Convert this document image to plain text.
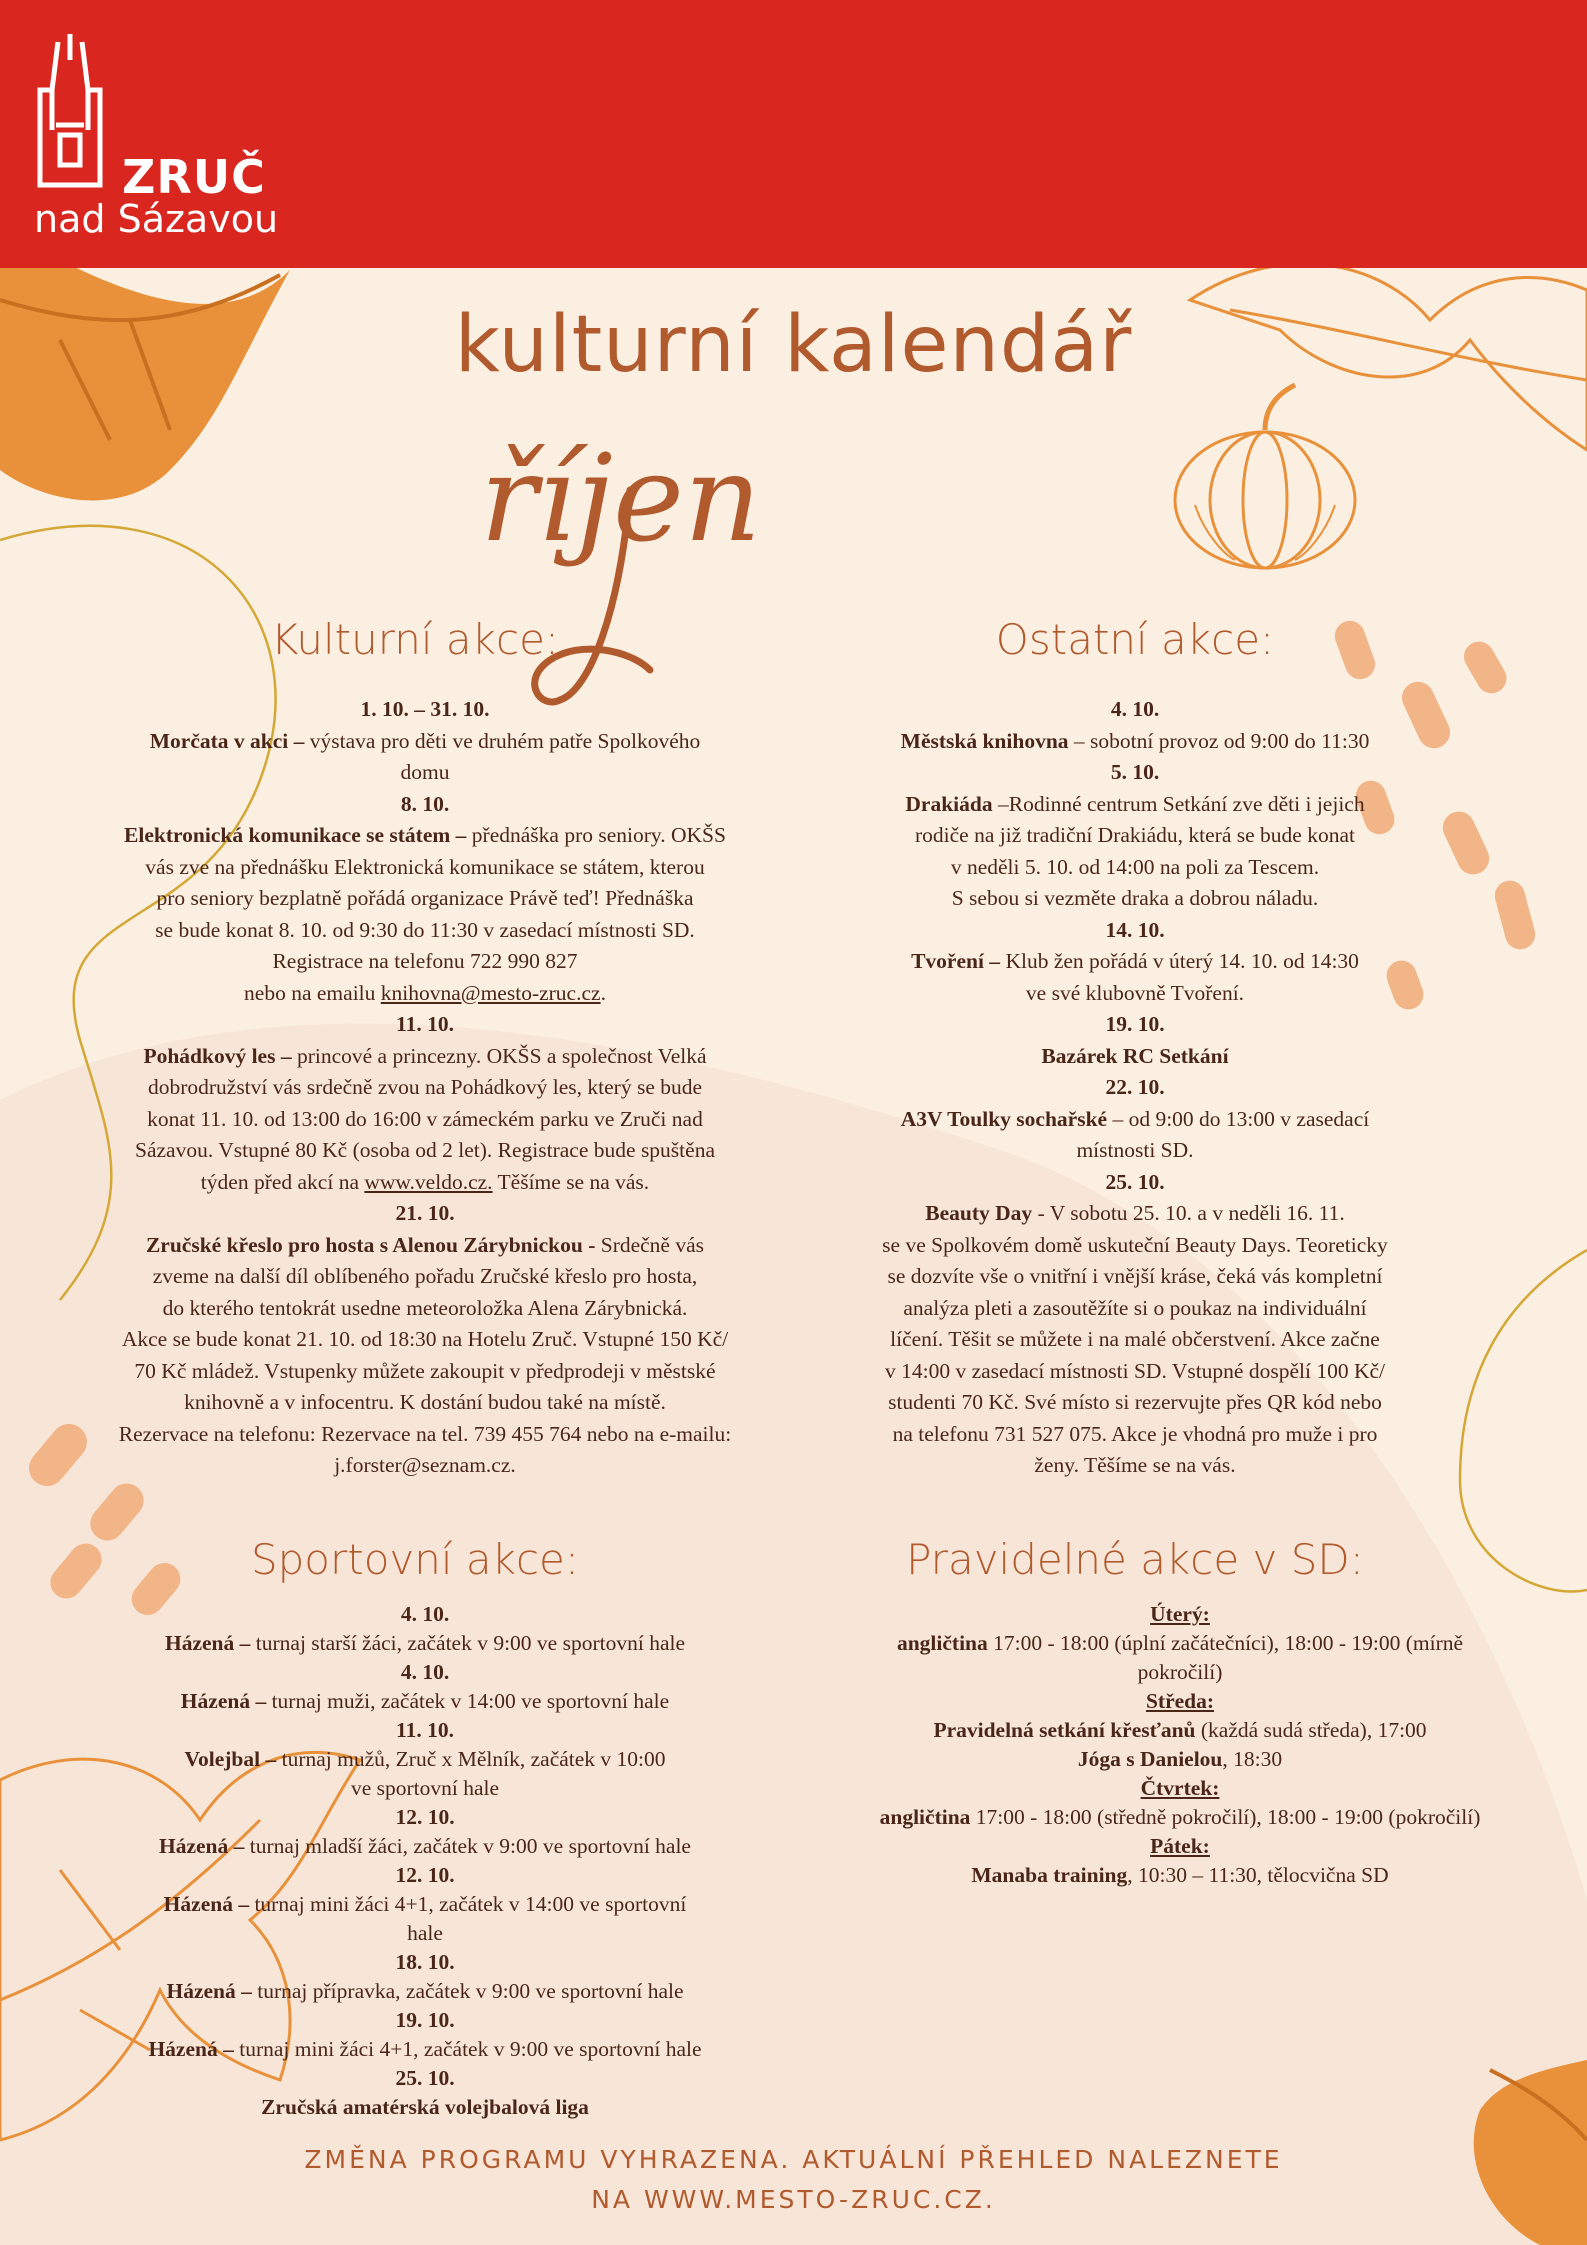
ZRUČ
nad Sázavou
kulturní kalendář
říjen
Kulturní akce:	Ostatní akce:
Sportovní akce:	Pravidelné akce v SD:
1. 10. – 31. 10.
Morčata v akci – výstava pro děti ve druhém patře Spolkového
domu
8. 10.
Elektronická komunikace se státem – přednáška pro seniory. OKŠS
vás zve na přednášku Elektronická komunikace se státem, kterou
pro seniory bezplatně pořádá organizace Právě teď! Přednáška
se bude konat 8. 10. od 9:30 do 11:30 v zasedací místnosti SD.
Registrace na telefonu 722 990 827
nebo na emailu knihovna@mesto-zruc.cz.
11. 10.
Pohádkový les – princové a princezny. OKŠS a společnost Velká
dobrodružství vás srdečně zvou na Pohádkový les, který se bude
konat 11. 10. od 13:00 do 16:00 v zámeckém parku ve Zruči nad
Sázavou. Vstupné 80 Kč (osoba od 2 let). Registrace bude spuštěna
týden před akcí na www.veldo.cz. Těšíme se na vás.
21. 10.
Zručské křeslo pro hosta s Alenou Zárybnickou - Srdečně vás
zveme na další díl oblíbeného pořadu Zručské křeslo pro hosta,
do kterého tentokrát usedne meteoroložka Alena Zárybnická.
Akce se bude konat 21. 10. od 18:30 na Hotelu Zruč. Vstupné 150 Kč/
70 Kč mládež. Vstupenky můžete zakoupit v předprodeji v městské
knihovně a v infocentru. K dostání budou také na místě.
Rezervace na telefonu: Rezervace na tel. 739 455 764 nebo na e-mailu:
j.forster@seznam.cz.
4. 10.
Městská knihovna – sobotní provoz od 9:00 do 11:30
5. 10.
Drakiáda –Rodinné centrum Setkání zve děti i jejich
rodiče na již tradiční Drakiádu, která se bude konat
v neděli 5. 10. od 14:00 na poli za Tescem.
S sebou si vezměte draka a dobrou náladu.
14. 10.
Tvoření – Klub žen pořádá v úterý 14. 10. od 14:30
ve své klubovně Tvoření.
19. 10.
Bazárek RC Setkání
22. 10.
A3V Toulky sochařské – od 9:00 do 13:00 v zasedací
místnosti SD.
25. 10.
Beauty Day - V sobotu 25. 10. a v neděli 16. 11.
se ve Spolkovém domě uskuteční Beauty Days. Teoreticky
se dozvíte vše o vnitřní i vnější kráse, čeká vás kompletní
analýza pleti a zasoutěžíte si o poukaz na individuální
líčení. Těšit se můžete i na malé občerstvení. Akce začne
v 14:00 v zasedací místnosti SD. Vstupné dospělí 100 Kč/
studenti 70 Kč. Své místo si rezervujte přes QR kód nebo
na telefonu 731 527 075. Akce je vhodná pro muže i pro
ženy. Těšíme se na vás.
4. 10.
Házená – turnaj starší žáci, začátek v 9:00 ve sportovní hale
4. 10.
Házená – turnaj muži, začátek v 14:00 ve sportovní hale
11. 10.
Volejbal – turnaj mužů, Zruč x Mělník, začátek v 10:00
ve sportovní hale
12. 10.
Házená – turnaj mladší žáci, začátek v 9:00 ve sportovní hale
12. 10.
Házená – turnaj mini žáci 4+1, začátek v 14:00 ve sportovní
hale
18. 10.
Házená – turnaj přípravka, začátek v 9:00 ve sportovní hale
19. 10.
Házená – turnaj mini žáci 4+1, začátek v 9:00 ve sportovní hale
25. 10.
Zručská amatérská volejbalová liga
Úterý:
angličtina 17:00 - 18:00 (úplní začátečníci), 18:00 - 19:00 (mírně
pokročilí)
Středa:
Pravidelná setkání křesťanů (každá sudá středa), 17:00
Jóga s Danielou, 18:30
Čtvrtek:
angličtina 17:00 - 18:00 (středně pokročilí), 18:00 - 19:00 (pokročilí)
Pátek:
Manaba training, 10:30 – 11:30, tělocvična SD
ZMĚNA PROGRAMU VYHRAZENA. AKTUÁLNÍ PŘEHLED NALEZNETE
NA WWW.MESTO-ZRUC.CZ.
